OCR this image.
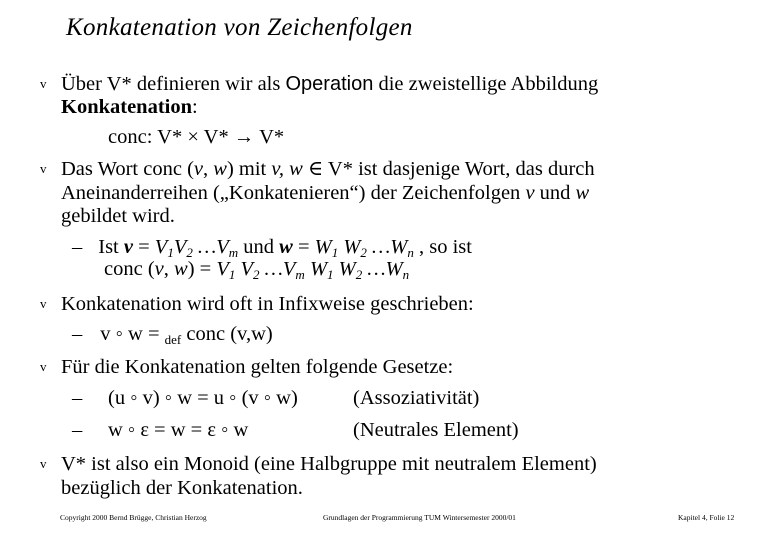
Konkatenation von Zeichenfolgen
v Über V* definieren wir als Operation die zweistellige Abbildung
Konkatenation:
conc: V* × V* → V*
v Das Wort conc (v, w) mit v, w ∈ V* ist dasjenige Wort, das durch
Aneinanderreihen („Konkatenieren“) der Zeichenfolgen v und w
gebildet wird.
– Ist $v = V_1V_2$ $\dots V_m$ und $w = W_1$ $W_2$ $\dots W_n$ , so ist
conc (v, $w) = V_1$ $V_2$ $\dots V_m$ $W_1$ $W_2$ $\dots W_n$
v Konkatenation wird oft in Infixweise geschrieben:
– v ◦ w = $_{def}$ conc (v,w)
v Für die Konkatenation gelten folgende Gesetze:
– (u ◦ v) ◦ w = u ◦ (v ◦ w)	(Assoziativität)
– w ◦ ε = w = ε ◦ w	(Neutrales Element)
v V* ist also ein Monoid (eine Halbgruppe mit neutralem Element)
bezüglich der Konkatenation.
Copyright 2000 Bernd Brügge, Christian Herzog	Grundlagen der Programmierung TUM Wintersemester 2000/01	Kapitel 4, Folie 12
